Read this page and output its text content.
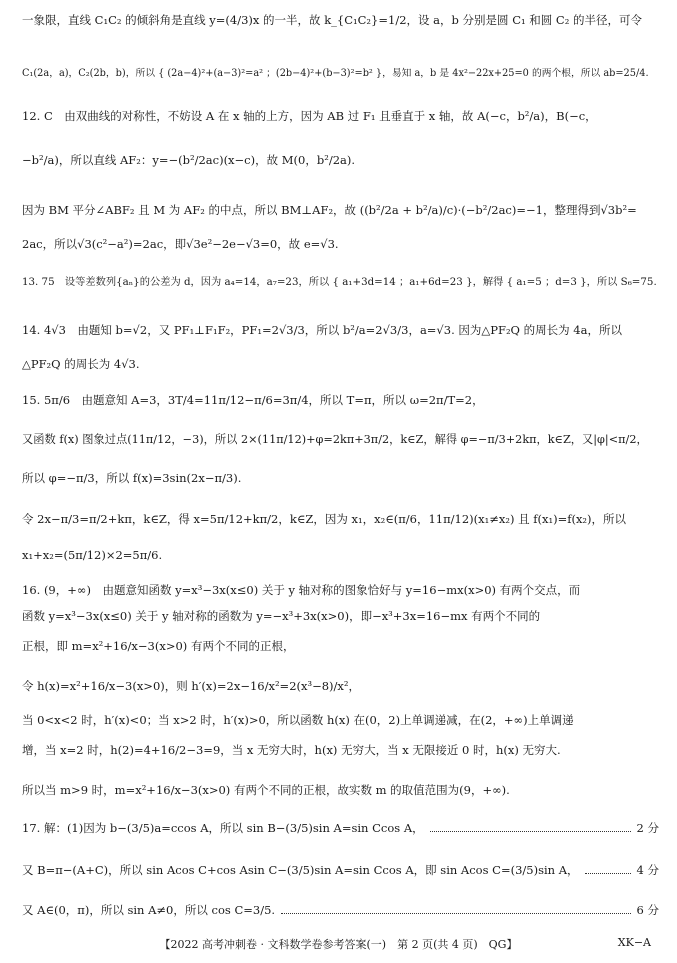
一象限，直线 C₁C₂ 的倾斜角是直线 y=(4/3)x 的一半，故 k_{C₁C₂}=1/2，设 a，b 分别是圆 C₁ 和圆 C₂ 的半径，可令
C₁(2a，a)，C₂(2b，b)，所以 { (2a−4)²+(a−3)²=a² ；(2b−4)²+(b−3)²=b² }，易知 a，b 是 4x²−22x+25=0 的两个根，所以 ab=25/4.
12. C　由双曲线的对称性，不妨设 A 在 x 轴的上方，因为 AB 过 F₁ 且垂直于 x 轴，故 A(−c，b²/a)，B(−c，
−b²/a)，所以直线 AF₂：y=−(b²/2ac)(x−c)，故 M(0，b²/2a).
因为 BM 平分∠ABF₂ 且 M 为 AF₂ 的中点，所以 BM⊥AF₂，故 ((b²/2a + b²/a)/c)·(−b²/2ac)=−1，整理得到√3b²=
2ac，所以√3(c²−a²)=2ac，即√3e²−2e−√3=0，故 e=√3.
13. 75　设等差数列{aₙ}的公差为 d，因为 a₄=14，a₇=23，所以 { a₁+3d=14 ；a₁+6d=23 }，解得 { a₁=5 ；d=3 }，所以 S₆=75.
14. 4√3　由题知 b=√2，又 PF₁⊥F₁F₂，PF₁=2√3/3，所以 b²/a=2√3/3，a=√3. 因为△PF₂Q 的周长为 4a，所以
△PF₂Q 的周长为 4√3.
15. 5π/6　由题意知 A=3，3T/4=11π/12−π/6=3π/4，所以 T=π，所以 ω=2π/T=2，
又函数 f(x) 图象过点(11π/12，−3)，所以 2×(11π/12)+φ=2kπ+3π/2，k∈Z，解得 φ=−π/3+2kπ，k∈Z，又|φ|<π/2，
所以 φ=−π/3，所以 f(x)=3sin(2x−π/3).
令 2x−π/3=π/2+kπ，k∈Z，得 x=5π/12+kπ/2，k∈Z，因为 x₁，x₂∈(π/6，11π/12)(x₁≠x₂) 且 f(x₁)=f(x₂)，所以
x₁+x₂=(5π/12)×2=5π/6.
16. (9，+∞)　由题意知函数 y=x³−3x(x≤0) 关于 y 轴对称的图象恰好与 y=16−mx(x>0) 有两个交点，而
函数 y=x³−3x(x≤0) 关于 y 轴对称的函数为 y=−x³+3x(x>0)，即−x³+3x=16−mx 有两个不同的
正根，即 m=x²+16/x−3(x>0) 有两个不同的正根，
令 h(x)=x²+16/x−3(x>0)，则 h′(x)=2x−16/x²=2(x³−8)/x²，
当 0<x<2 时，h′(x)<0；当 x>2 时，h′(x)>0，所以函数 h(x) 在(0，2)上单调递减，在(2，+∞)上单调递
增，当 x=2 时，h(2)=4+16/2−3=9，当 x 无穷大时，h(x) 无穷大，当 x 无限接近 0 时，h(x) 无穷大.
所以当 m>9 时，m=x²+16/x−3(x>0) 有两个不同的正根，故实数 m 的取值范围为(9，+∞).
17. 解：(1)因为 b−(3/5)a=ccos A，所以 sin B−(3/5)sin A=sin Ccos A，	2 分
又 B=π−(A+C)，所以 sin Acos C+cos Asin C−(3/5)sin A=sin Ccos A，即 sin Acos C=(3/5)sin A，	4 分
又 A∈(0，π)，所以 sin A≠0，所以 cos C=3/5.	6 分
【2022 高考冲刺卷 · 文科数学卷参考答案(一)　第 2 页(共 4 页)　QG】	XK−A
